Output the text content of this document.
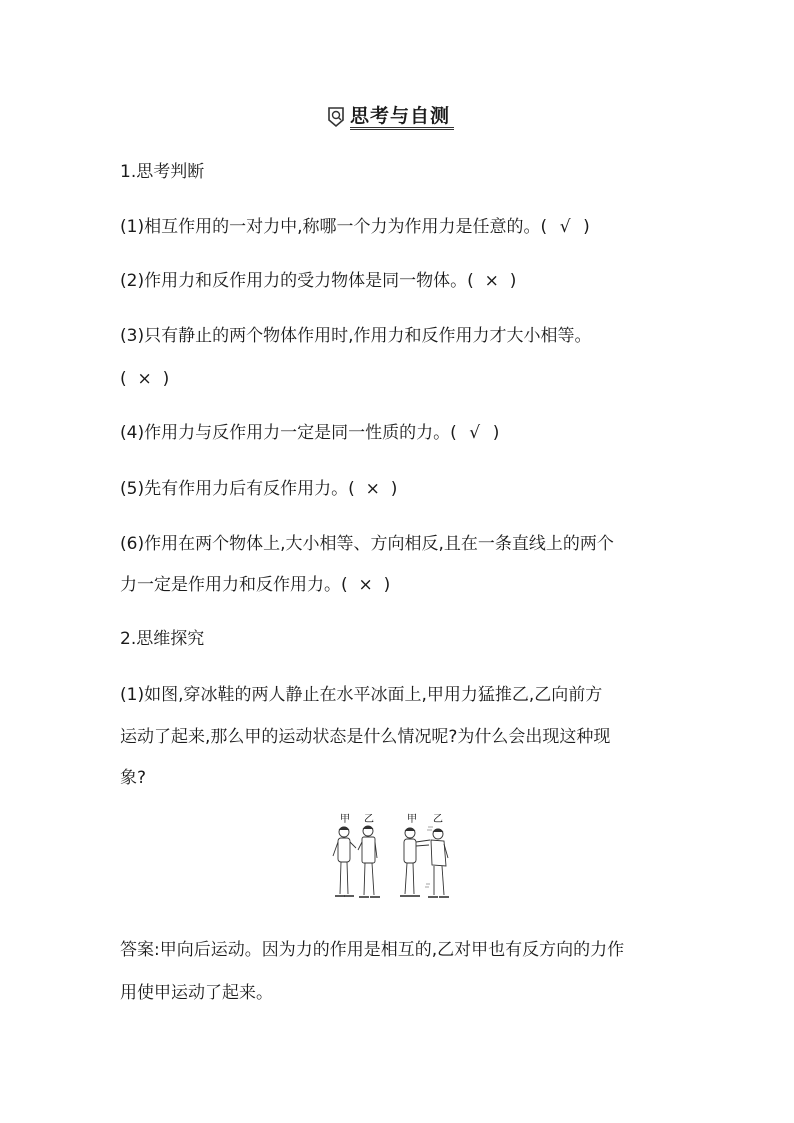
思考与自测
1.思考判断
(1)相互作用的一对力中,称哪一个力为作用力是任意的。( √ )
(2)作用力和反作用力的受力物体是同一物体。( × )
(3)只有静止的两个物体作用时,作用力和反作用力才大小相等。
( × )
(4)作用力与反作用力一定是同一性质的力。( √ )
(5)先有作用力后有反作用力。( × )
(6)作用在两个物体上,大小相等、方向相反,且在一条直线上的两个
力一定是作用力和反作用力。( × )
2.思维探究
(1)如图,穿冰鞋的两人静止在水平冰面上,甲用力猛推乙,乙向前方
运动了起来,那么甲的运动状态是什么情况呢?为什么会出现这种现
象?
甲 乙	甲 乙
答案:甲向后运动。因为力的作用是相互的,乙对甲也有反方向的力作
用使甲运动了起来。
